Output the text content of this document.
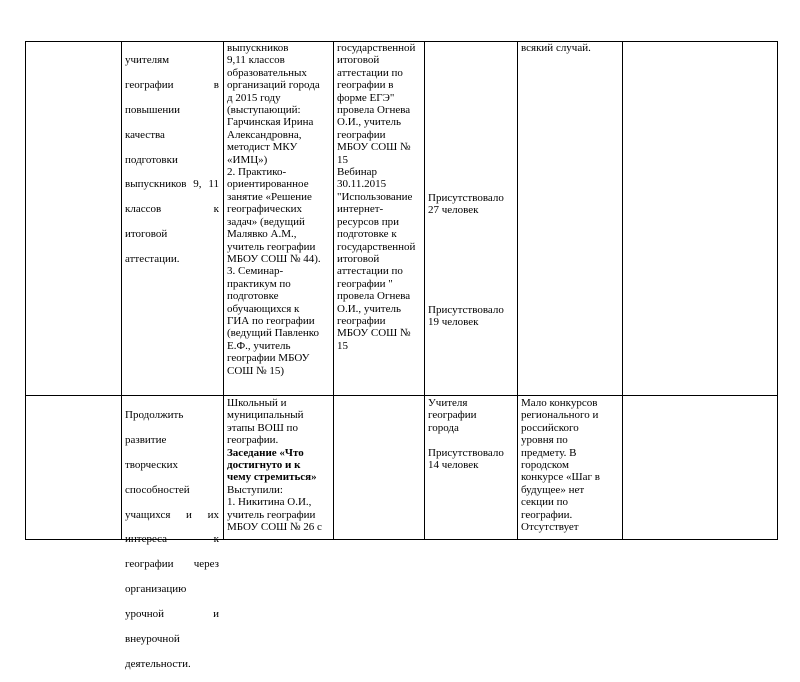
учителям

географии в

повышении

качества

подготовки

выпускников 9, 11

классов к

итоговой

аттестации.

выпускников
9,11 классов
образовательных
организаций города
д 2015 году
(выступающий:
Гарчинская Ирина
Александровна,
методист МКУ
«ИМЦ»)
2. Практико-
ориентированное
занятие «Решение
географических
задач» (ведущий
Малявко А.М.,
учитель географии
МБОУ СОШ № 44).
3. Семинар-
практикум по
подготовке
обучающихся к
ГИА по географии
(ведущий Павленко
Е.Ф., учитель
географии МБОУ
СОШ № 15)
государственной
итоговой
аттестации по
географии в
форме ЕГЭ"
провела Огнева
О.И., учитель
географии
МБОУ СОШ №
15
Вебинар
30.11.2015
"Использование
интернет-
ресурсов при
подготовке к
государственной
итоговой
аттестации по
географии "
провела Огнева
О.И., учитель
географии
МБОУ СОШ №
15
Присутствовало
27 человек
Присутствовало
19 человек
всякий случай.

Продолжить

развитие

творческих

способностей

учащихся и их

интереса к

географии через

организацию

урочной и

внеурочной

деятельности.

Школьный и
муниципальный
этапы ВОШ по
географии.
Заседание «Что
достигнуто и к
чему стремиться»
Выступили:
1. Никитина О.И.,
учитель географии
МБОУ СОШ № 26 с
Учителя
географии
города
Присутствовало
14 человек
Мало конкурсов
регионального и
российского
уровня по
предмету. В
городском
конкурсе «Шаг в
будущее» нет
секции по
географии.
Отсутствует
